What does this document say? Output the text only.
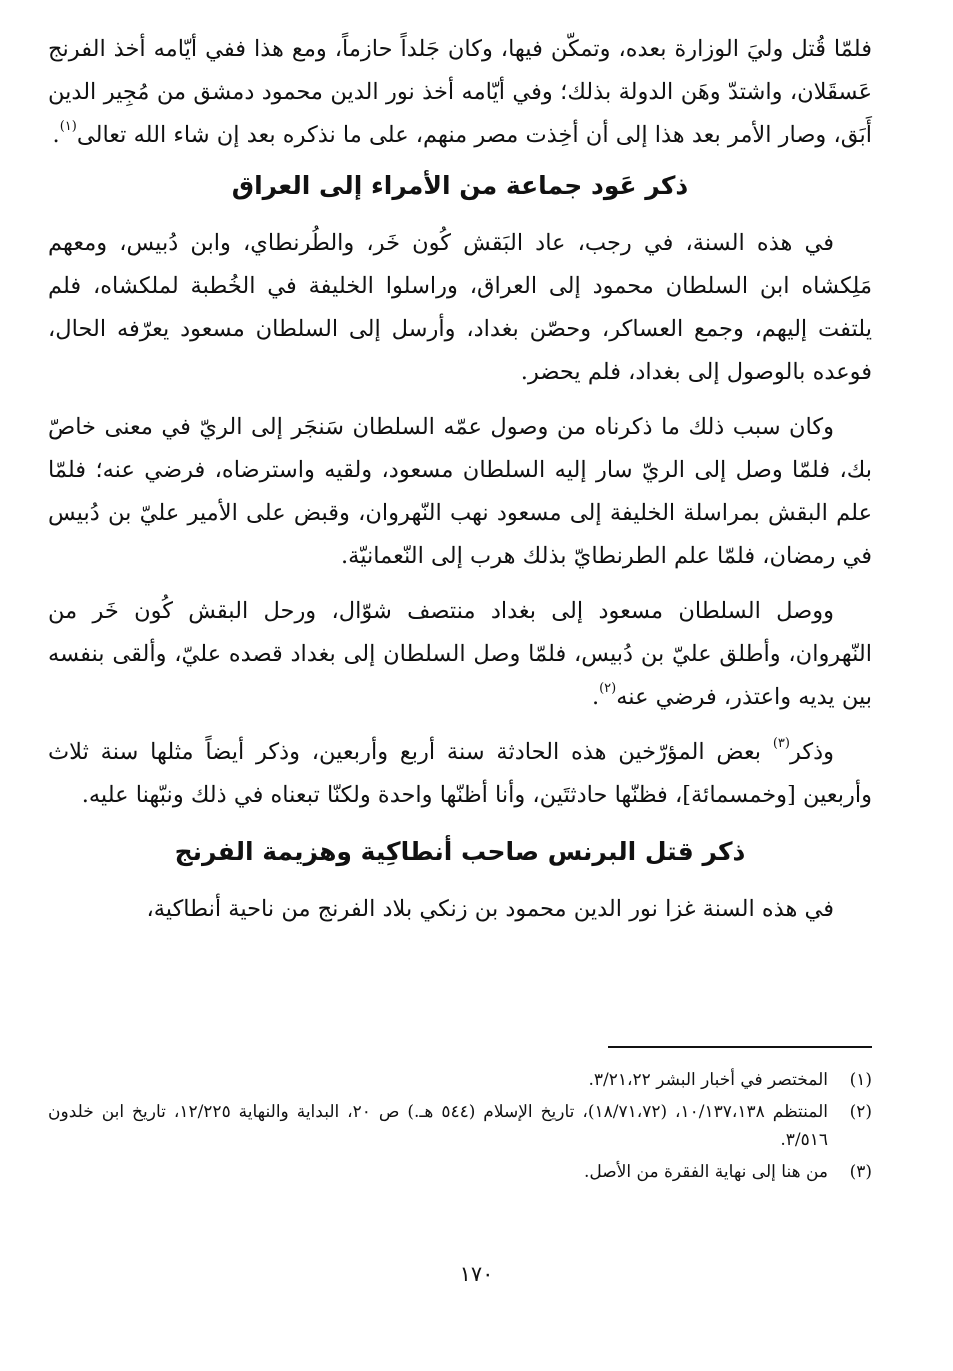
فلمّا قُتل وليَ الوزارة بعده، وتمكّن فيها، وكان جَلداً حازماً، ومع هذا ففي أيّامه أخذ الفرنج عَسقَلان، واشتدّ وهَن الدولة بذلك؛ وفي أيّامه أخذ نور الدين محمود دمشق من مُجِير الدين أَبَق، وصار الأمر بعد هذا إلى أن أخِذت مصر منهم، على ما نذكره بعد إن شاء الله تعالى$^{(١)}$.

ذكر عَود جماعة من الأمراء إلى العراق

في هذه السنة، في رجب، عاد البَقش كُون خَر، والطُرنطاي، وابن دُبيس، ومعهم مَلِكشاه ابن السلطان محمود إلى العراق، وراسلوا الخليفة في الخُطبة لملكشاه، فلم يلتفت إليهم، وجمع العساكر، وحصّن بغداد، وأرسل إلى السلطان مسعود يعرّفه الحال، فوعده بالوصول إلى بغداد، فلم يحضر.

وكان سبب ذلك ما ذكرناه من وصول عمّه السلطان سَنجَر إلى الريّ في معنى خاصّ بك، فلمّا وصل إلى الريّ سار إليه السلطان مسعود، ولقيه واسترضاه، فرضي عنه؛ فلمّا علم البقش بمراسلة الخليفة إلى مسعود نهب النّهروان، وقبض على الأمير عليّ بن دُبيس في رمضان، فلمّا علم الطرنطايّ بذلك هرب إلى النّعمانيّة.

ووصل السلطان مسعود إلى بغداد منتصف شوّال، ورحل البقش كُون خَر من النّهروان، وأطلق عليّ بن دُبيس، فلمّا وصل السلطان إلى بغداد قصده عليّ، وألقى بنفسه بين يديه واعتذر، فرضي عنه$^{(٢)}$.

وذكر$^{(٣)}$ بعض المؤرّخين هذه الحادثة سنة أربع وأربعين، وذكر أيضاً مثلها سنة ثلاث وأربعين [وخمسمائة]، فظنّها حادثتَين، وأنا أظنّها واحدة ولكنّا تبعناه في ذلك ونبّهنا عليه.

ذكر قتل البرنس صاحب أنطاكِية وهزيمة الفرنج

في هذه السنة غزا نور الدين محمود بن زنكي بلاد الفرنج من ناحية أنطاكية،

(١)
المختصر في أخبار البشر ٣/٢١،٢٢.
(٢)
المنتظم ١٠/١٣٧،١٣٨، (١٨/٧١،٧٢)، تاريخ الإسلام (٥٤٤ هـ.) ص ٢٠، البداية والنهاية ١٢/٢٢٥، تاريخ ابن خلدون ٣/٥١٦.
(٣)
من هنا إلى نهاية الفقرة من الأصل.
١٧٠
